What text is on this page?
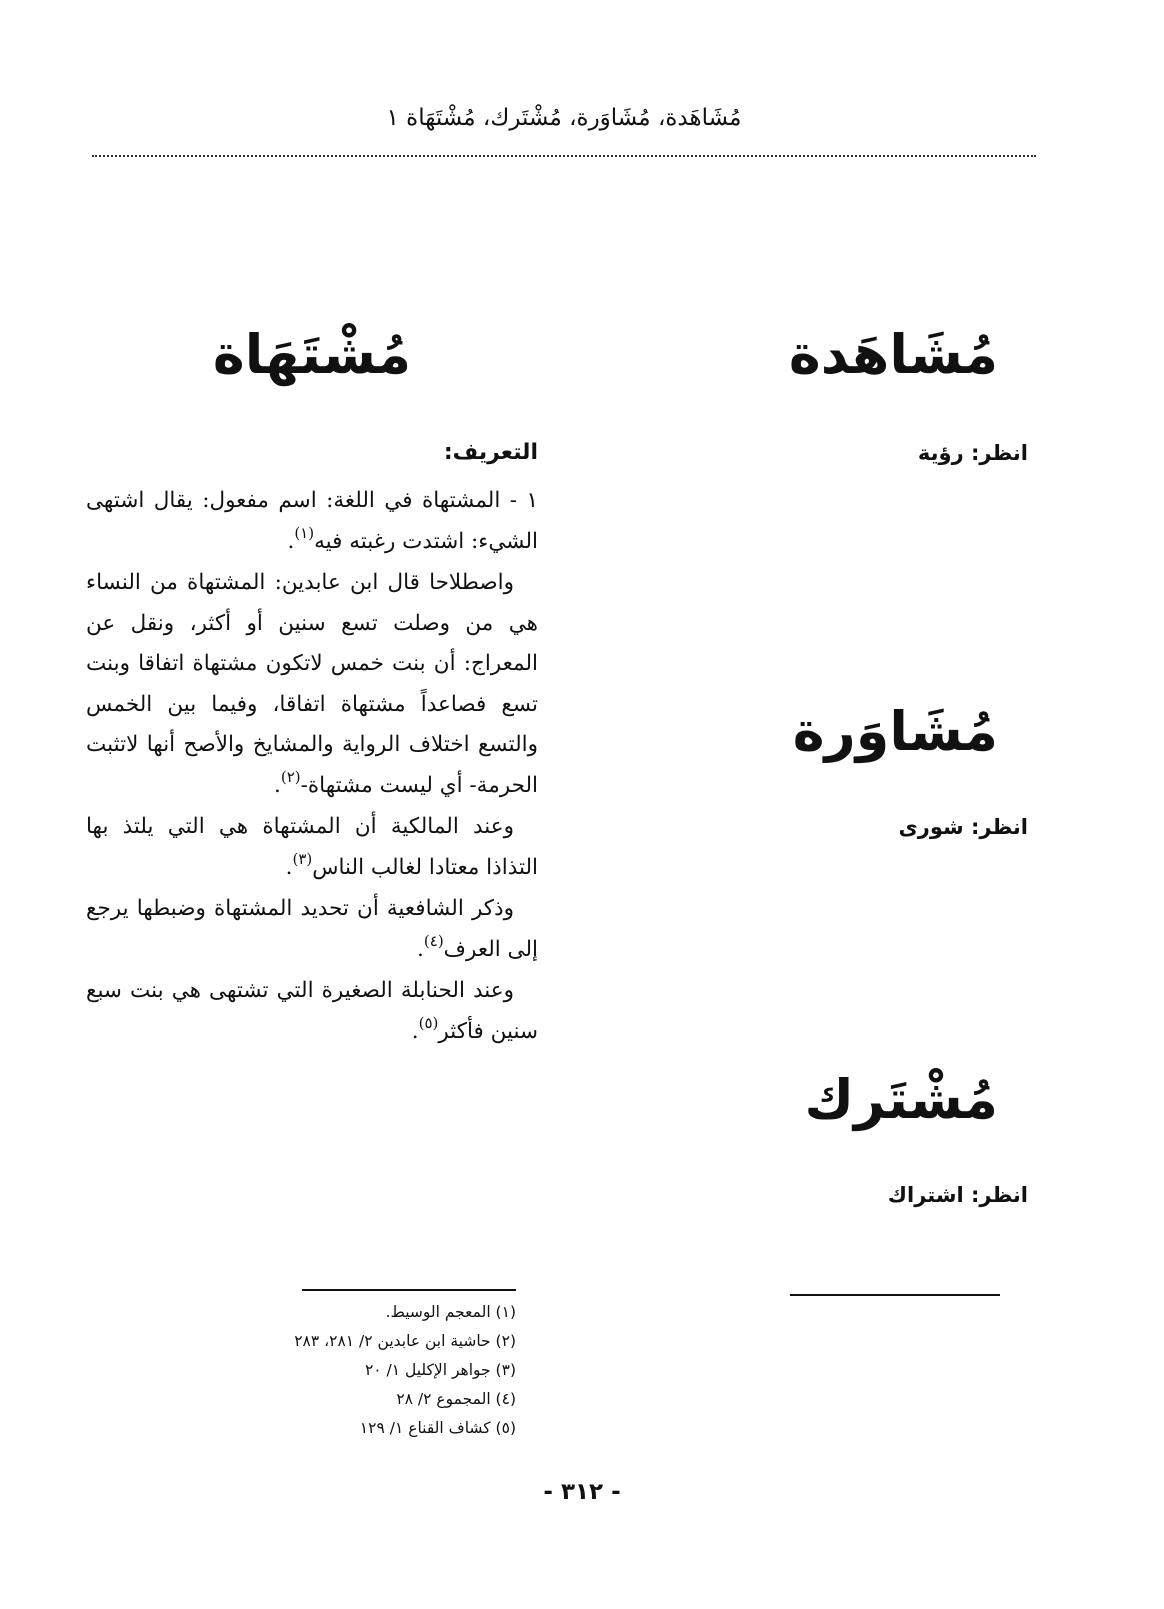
مُشَاهَدة، مُشَاوَرة، مُشْتَرك، مُشْتَهَاة ١
مُشَاهَدة
انظر: رؤية
مُشَاوَرة
انظر: شورى
مُشْتَرك
انظر: اشتراك
مُشْتَهَاة
التعريف:

١ - المشتهاة في اللغة: اسم مفعول: يقال اشتهى الشيء: اشتدت رغبته فيه$^{(١)}$.

واصطلاحا قال ابن عابدين: المشتهاة من النساء هي من وصلت تسع سنين أو أكثر، ونقل عن المعراج: أن بنت خمس لاتكون مشتهاة اتفاقا وبنت تسع فصاعداً مشتهاة اتفاقا، وفيما بين الخمس والتسع اختلاف الرواية والمشايخ والأصح أنها لاتثبت الحرمة- أي ليست مشتهاة-$^{(٢)}$.

وعند المالكية أن المشتهاة هي التي يلتذ بها التذاذا معتادا لغالب الناس$^{(٣)}$.

وذكر الشافعية أن تحديد المشتهاة وضبطها يرجع إلى العرف$^{(٤)}$.

وعند الحنابلة الصغيرة التي تشتهى هي بنت سبع سنين فأكثر$^{(٥)}$.

(١) المعجم الوسيط.
(٢) حاشية ابن عابدين ٢/ ٢٨١، ٢٨٣
(٣) جواهر الإكليل ١/ ٢٠
(٤) المجموع ٢/ ٢٨
(٥) كشاف القناع ١/ ١٢٩
- ٣١٢ -
